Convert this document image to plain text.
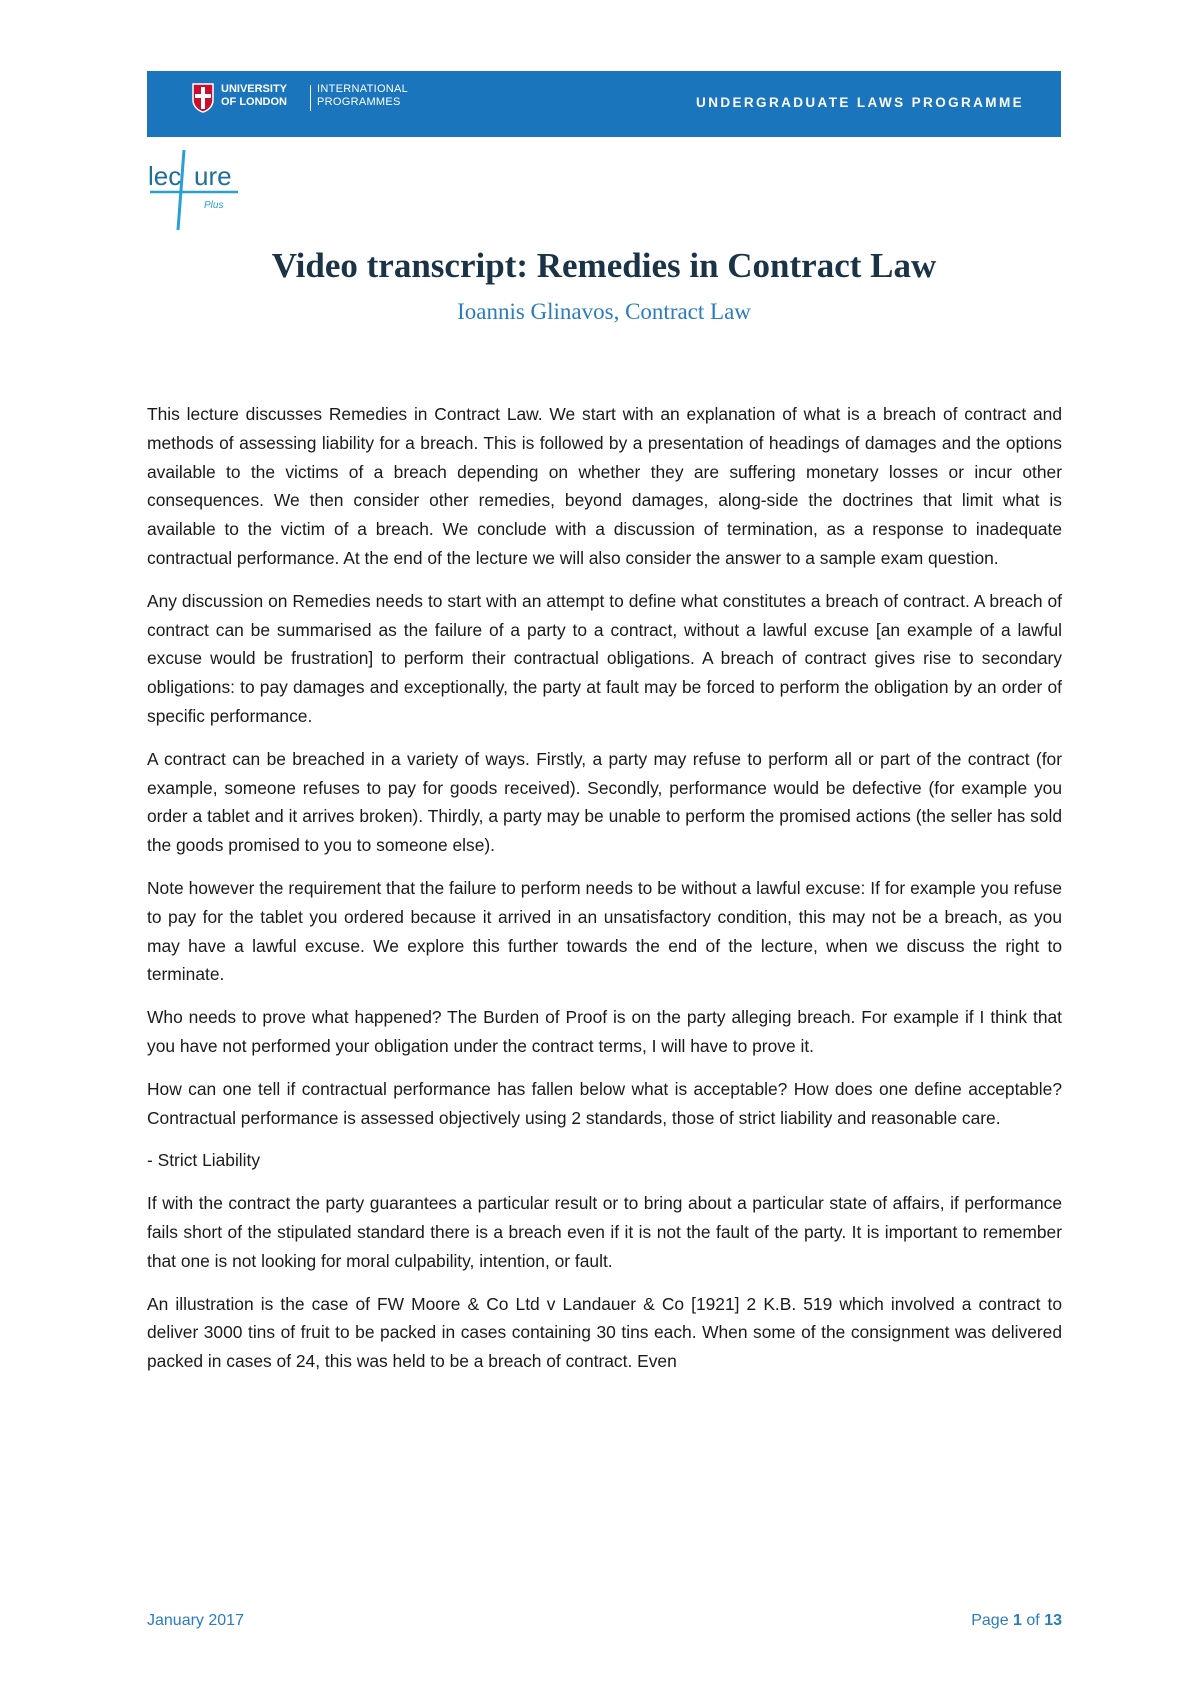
UNIVERSITY
OF LONDON
INTERNATIONAL
PROGRAMMES	UNDERGRADUATE LAWS PROGRAMME
lec ure
Plus
Video transcript: Remedies in Contract Law
Ioannis Glinavos, Contract Law

This lecture discusses Remedies in Contract Law. We start with an explanation of what is a breach of contract and methods of assessing liability for a breach. This is followed by a presentation of headings of damages and the options available to the victims of a breach depending on whether they are suffering monetary losses or incur other consequences. We then consider other remedies, beyond damages, along-side the doctrines that limit what is available to the victim of a breach. We conclude with a discussion of termination, as a response to inadequate contractual performance. At the end of the lecture we will also consider the answer to a sample exam question.

Any discussion on Remedies needs to start with an attempt to define what constitutes a breach of contract. A breach of contract can be summarised as the failure of a party to a contract, without a lawful excuse [an example of a lawful excuse would be frustration] to perform their contractual obligations. A breach of contract gives rise to secondary obligations: to pay damages and exceptionally, the party at fault may be forced to perform the obligation by an order of specific performance.

A contract can be breached in a variety of ways. Firstly, a party may refuse to perform all or part of the contract (for example, someone refuses to pay for goods received). Secondly, performance would be defective (for example you order a tablet and it arrives broken). Thirdly, a party may be unable to perform the promised actions (the seller has sold the goods promised to you to someone else).

Note however the requirement that the failure to perform needs to be without a lawful excuse: If for example you refuse to pay for the tablet you ordered because it arrived in an unsatisfactory condition, this may not be a breach, as you may have a lawful excuse. We explore this further towards the end of the lecture, when we discuss the right to terminate.

Who needs to prove what happened? The Burden of Proof is on the party alleging breach. For example if I think that you have not performed your obligation under the contract terms, I will have to prove it.

How can one tell if contractual performance has fallen below what is acceptable? How does one define acceptable? Contractual performance is assessed objectively using 2 standards, those of strict liability and reasonable care.

- Strict Liability

If with the contract the party guarantees a particular result or to bring about a particular state of affairs, if performance fails short of the stipulated standard there is a breach even if it is not the fault of the party. It is important to remember that one is not looking for moral culpability, intention, or fault.

An illustration is the case of FW Moore & Co Ltd v Landauer & Co [1921] 2 K.B. 519 which involved a contract to deliver 3000 tins of fruit to be packed in cases containing 30 tins each. When some of the consignment was delivered packed in cases of 24, this was held to be a breach of contract. Even

January 2017	Page 1 of 13
